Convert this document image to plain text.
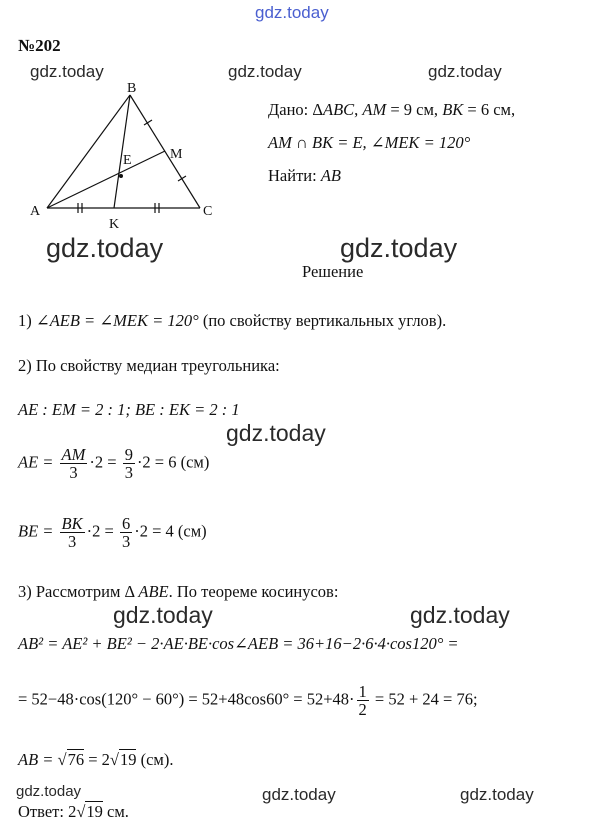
gdz.today
gdz.today	gdz.today	gdz.today
gdz.today	gdz.today
gdz.today
gdz.today	gdz.today
gdz.today	gdz.today	gdz.today
№202
B
A	C
E
K
M
Дано: ΔABC, AM = 9 см, BK = 6 см,
AM ∩ BK = E, ∠MEK = 120°
Найти: AB
Решение
1) ∠AEB = ∠MEK = 120° (по свойству вертикальных углов).
2) По свойству медиан треугольника:
AE : EM = 2 : 1; BE : EK = 2 : 1
AE = $\frac{AM}{3} \cdot 2 = \frac{9}{3} \cdot 2 = 6$ (см)
BE = $\frac{BK}{3} \cdot 2 = \frac{6}{3} \cdot 2 = 4$ (см)
3) Рассмотрим Δ ABE. По теореме косинусов:
AB² = AE² + BE² − 2·AE·BE·cos∠AEB = 36+16−2·6·4·cos120° =
= $52-48\cdot\cos(120^\circ - 60^\circ) = 52+48\cos 60^\circ = 52+48\cdot \frac{1}{2} = 52 + 24 = 76$;
AB = √76 = 2√19 (см).
Ответ: 2√19 см.
